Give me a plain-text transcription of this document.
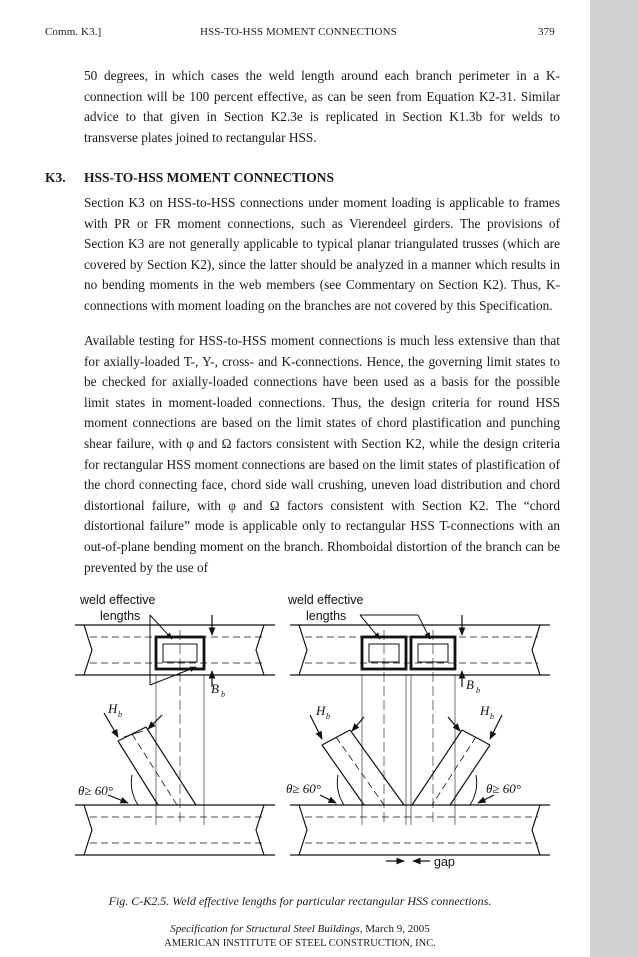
Comm. K3.]	HSS-TO-HSS MOMENT CONNECTIONS	379

50 degrees, in which cases the weld length around each branch perimeter in a K-connection will be 100 percent effective, as can be seen from Equation K2-31. Similar advice to that given in Section K2.3e is replicated in Section K1.3b for welds to transverse plates joined to rectangular HSS.

K3. HSS-TO-HSS MOMENT CONNECTIONS

Section K3 on HSS-to-HSS connections under moment loading is applicable to frames with PR or FR moment connections, such as Vierendeel girders. The provisions of Section K3 are not generally applicable to typical planar triangulated trusses (which are covered by Section K2), since the latter should be analyzed in a manner which results in no bending moments in the web members (see Commentary on Section K2). Thus, K-connections with moment loading on the branches are not covered by this Specification.

Available testing for HSS-to-HSS moment connections is much less extensive than that for axially-loaded T-, Y-, cross- and K-connections. Hence, the governing limit states to be checked for axially-loaded connections have been used as a basis for the possible limit states in moment-loaded connections. Thus, the design criteria for round HSS moment connections are based on the limit states of chord plastification and punching shear failure, with φ and Ω factors consistent with Section K2, while the design criteria for rectangular HSS moment connections are based on the limit states of plastification of the chord connecting face, chord side wall crushing, uneven load distribution and chord distortional failure, with φ and Ω factors consistent with Section K2. The “chord distortional failure” mode is applicable only to rectangular HSS T-connections with an out-of-plane bending moment on the branch. Rhomboidal distortion of the branch can be prevented by the use of

weld effective
lengths
B b
H b
θ≥ 60°
weld effective
lengths
B b
H b	H b
θ≥ 60°	θ≥ 60°
gap
Fig. C-K2.5. Weld effective lengths for particular rectangular HSS connections.
Specification for Structural Steel Buildings, March 9, 2005
AMERICAN INSTITUTE OF STEEL CONSTRUCTION, INC.
